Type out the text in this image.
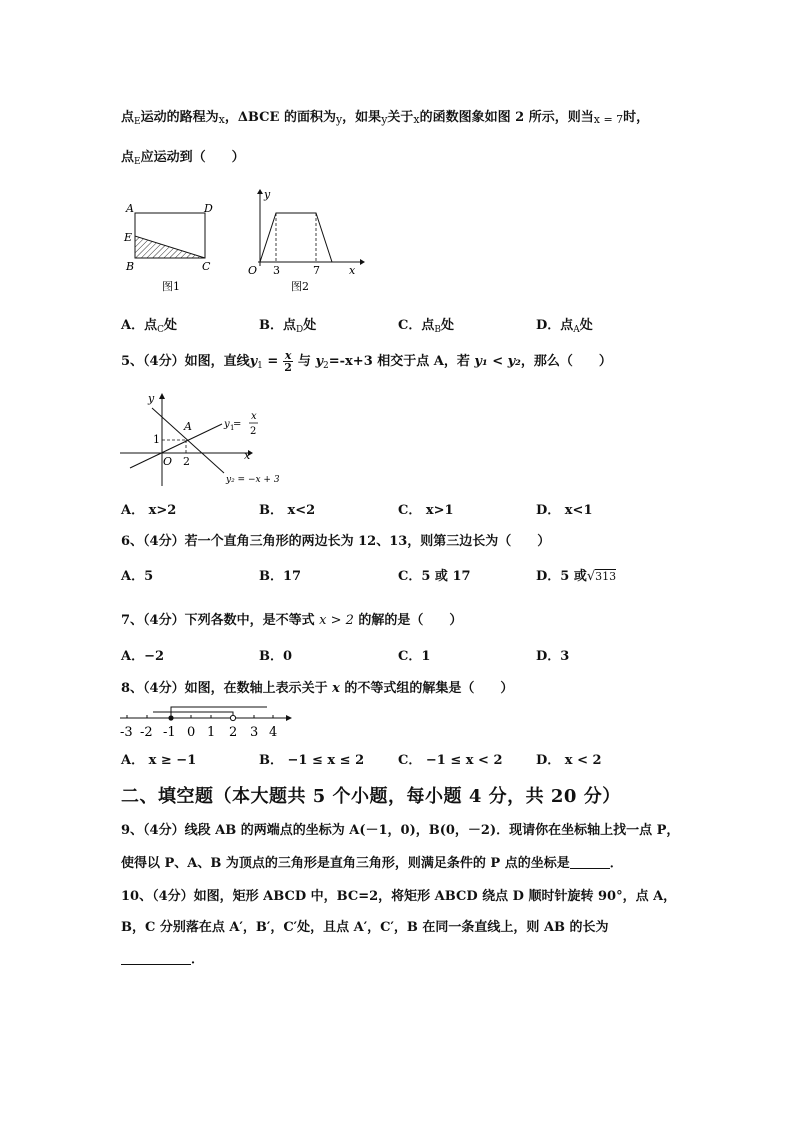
点$_E$运动的路程为x，ΔBCE 的面积为y，如果y关于x的函数图象如图 2 所示，则当x = 7时，
点$_E$应运动到（　　）
A	D
E
B	C
图1
y
O 3	7	x
图2
A．点$_C$处	B．点$_D$处	C．点$_B$处	D．点$_A$处
5、（4分）如图，直线$y_1 = \frac{x}{2}$ 与 $y_2=-x+3$ 相交于点 A，若 y₁ < y₂，那么（　　）
y
A
1
O 2	x
y 1
=
x
2
y₂ = −x + 3
A． x>2	B． x<2	C． x>1	D． x<1
6、（4分）若一个直角三角形的两边长为 12、13，则第三边长为（　　）
A．5	B．17	C．5 或 17	D．5 或√313
7、（4分）下列各数中，是不等式 x > 2 的解的是（　　）
A．−2	B．0	C．1	D．3
8、（4分）如图，在数轴上表示关于 x 的不等式组的解集是（　　）
-3 -2 -1 0 1 2 3 4
A． x ≥ −1	B． −1 ≤ x ≤ 2	C． −1 ≤ x < 2	D． x < 2
二、填空题（本大题共 5 个小题，每小题 4 分，共 20 分）
9、（4分）线段 AB 的两端点的坐标为 A(－1，0)，B(0，－2)．现请你在坐标轴上找一点 P，
使得以 P、A、B 为顶点的三角形是直角三角形，则满足条件的 P 点的坐标是	．
10、（4分）如图，矩形 ABCD 中，BC=2，将矩形 ABCD 绕点 D 顺时针旋转 90°，点 A，
B，C 分别落在点 A′，B′，C′处，且点 A′，C′，B 在同一条直线上，则 AB 的长为
．
